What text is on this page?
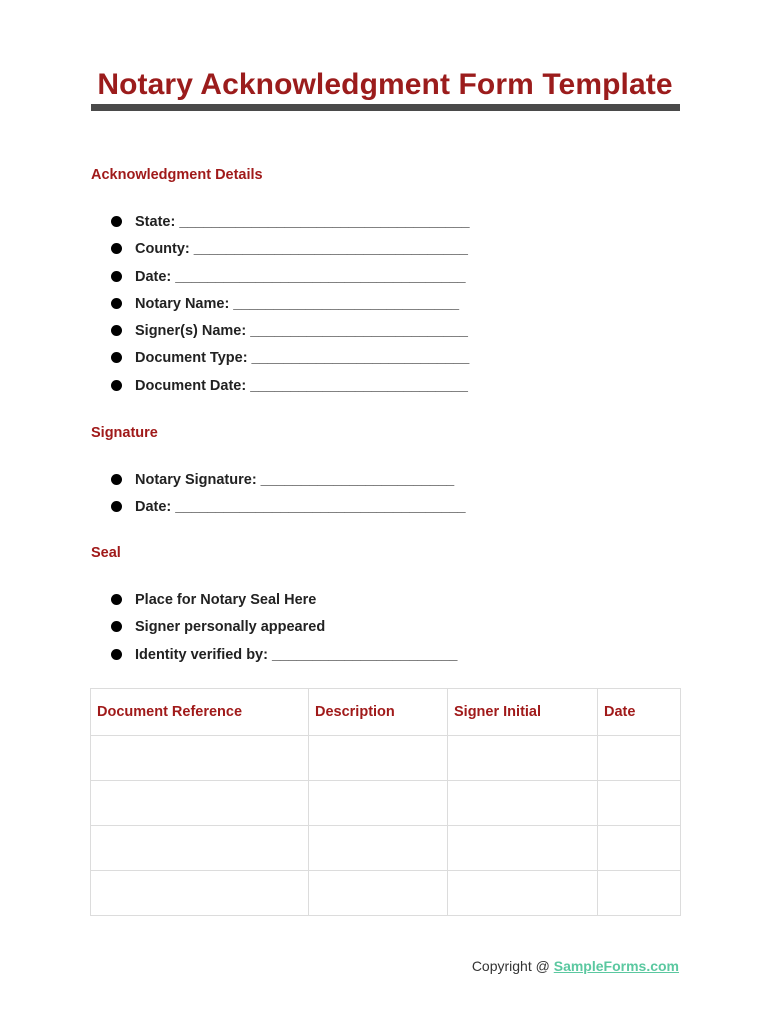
Notary Acknowledgment Form Template
Acknowledgment Details
State: ____________________________________
County: __________________________________
Date: ____________________________________
Notary Name: ____________________________
Signer(s) Name: ___________________________
Document Type: ___________________________
Document Date: ___________________________
Signature
Notary Signature: ________________________
Date: ____________________________________
Seal
Place for Notary Seal Here
Signer personally appeared
Identity verified by: _______________________
Document Reference	Description	Signer Initial	Date

Copyright @ SampleForms.com
